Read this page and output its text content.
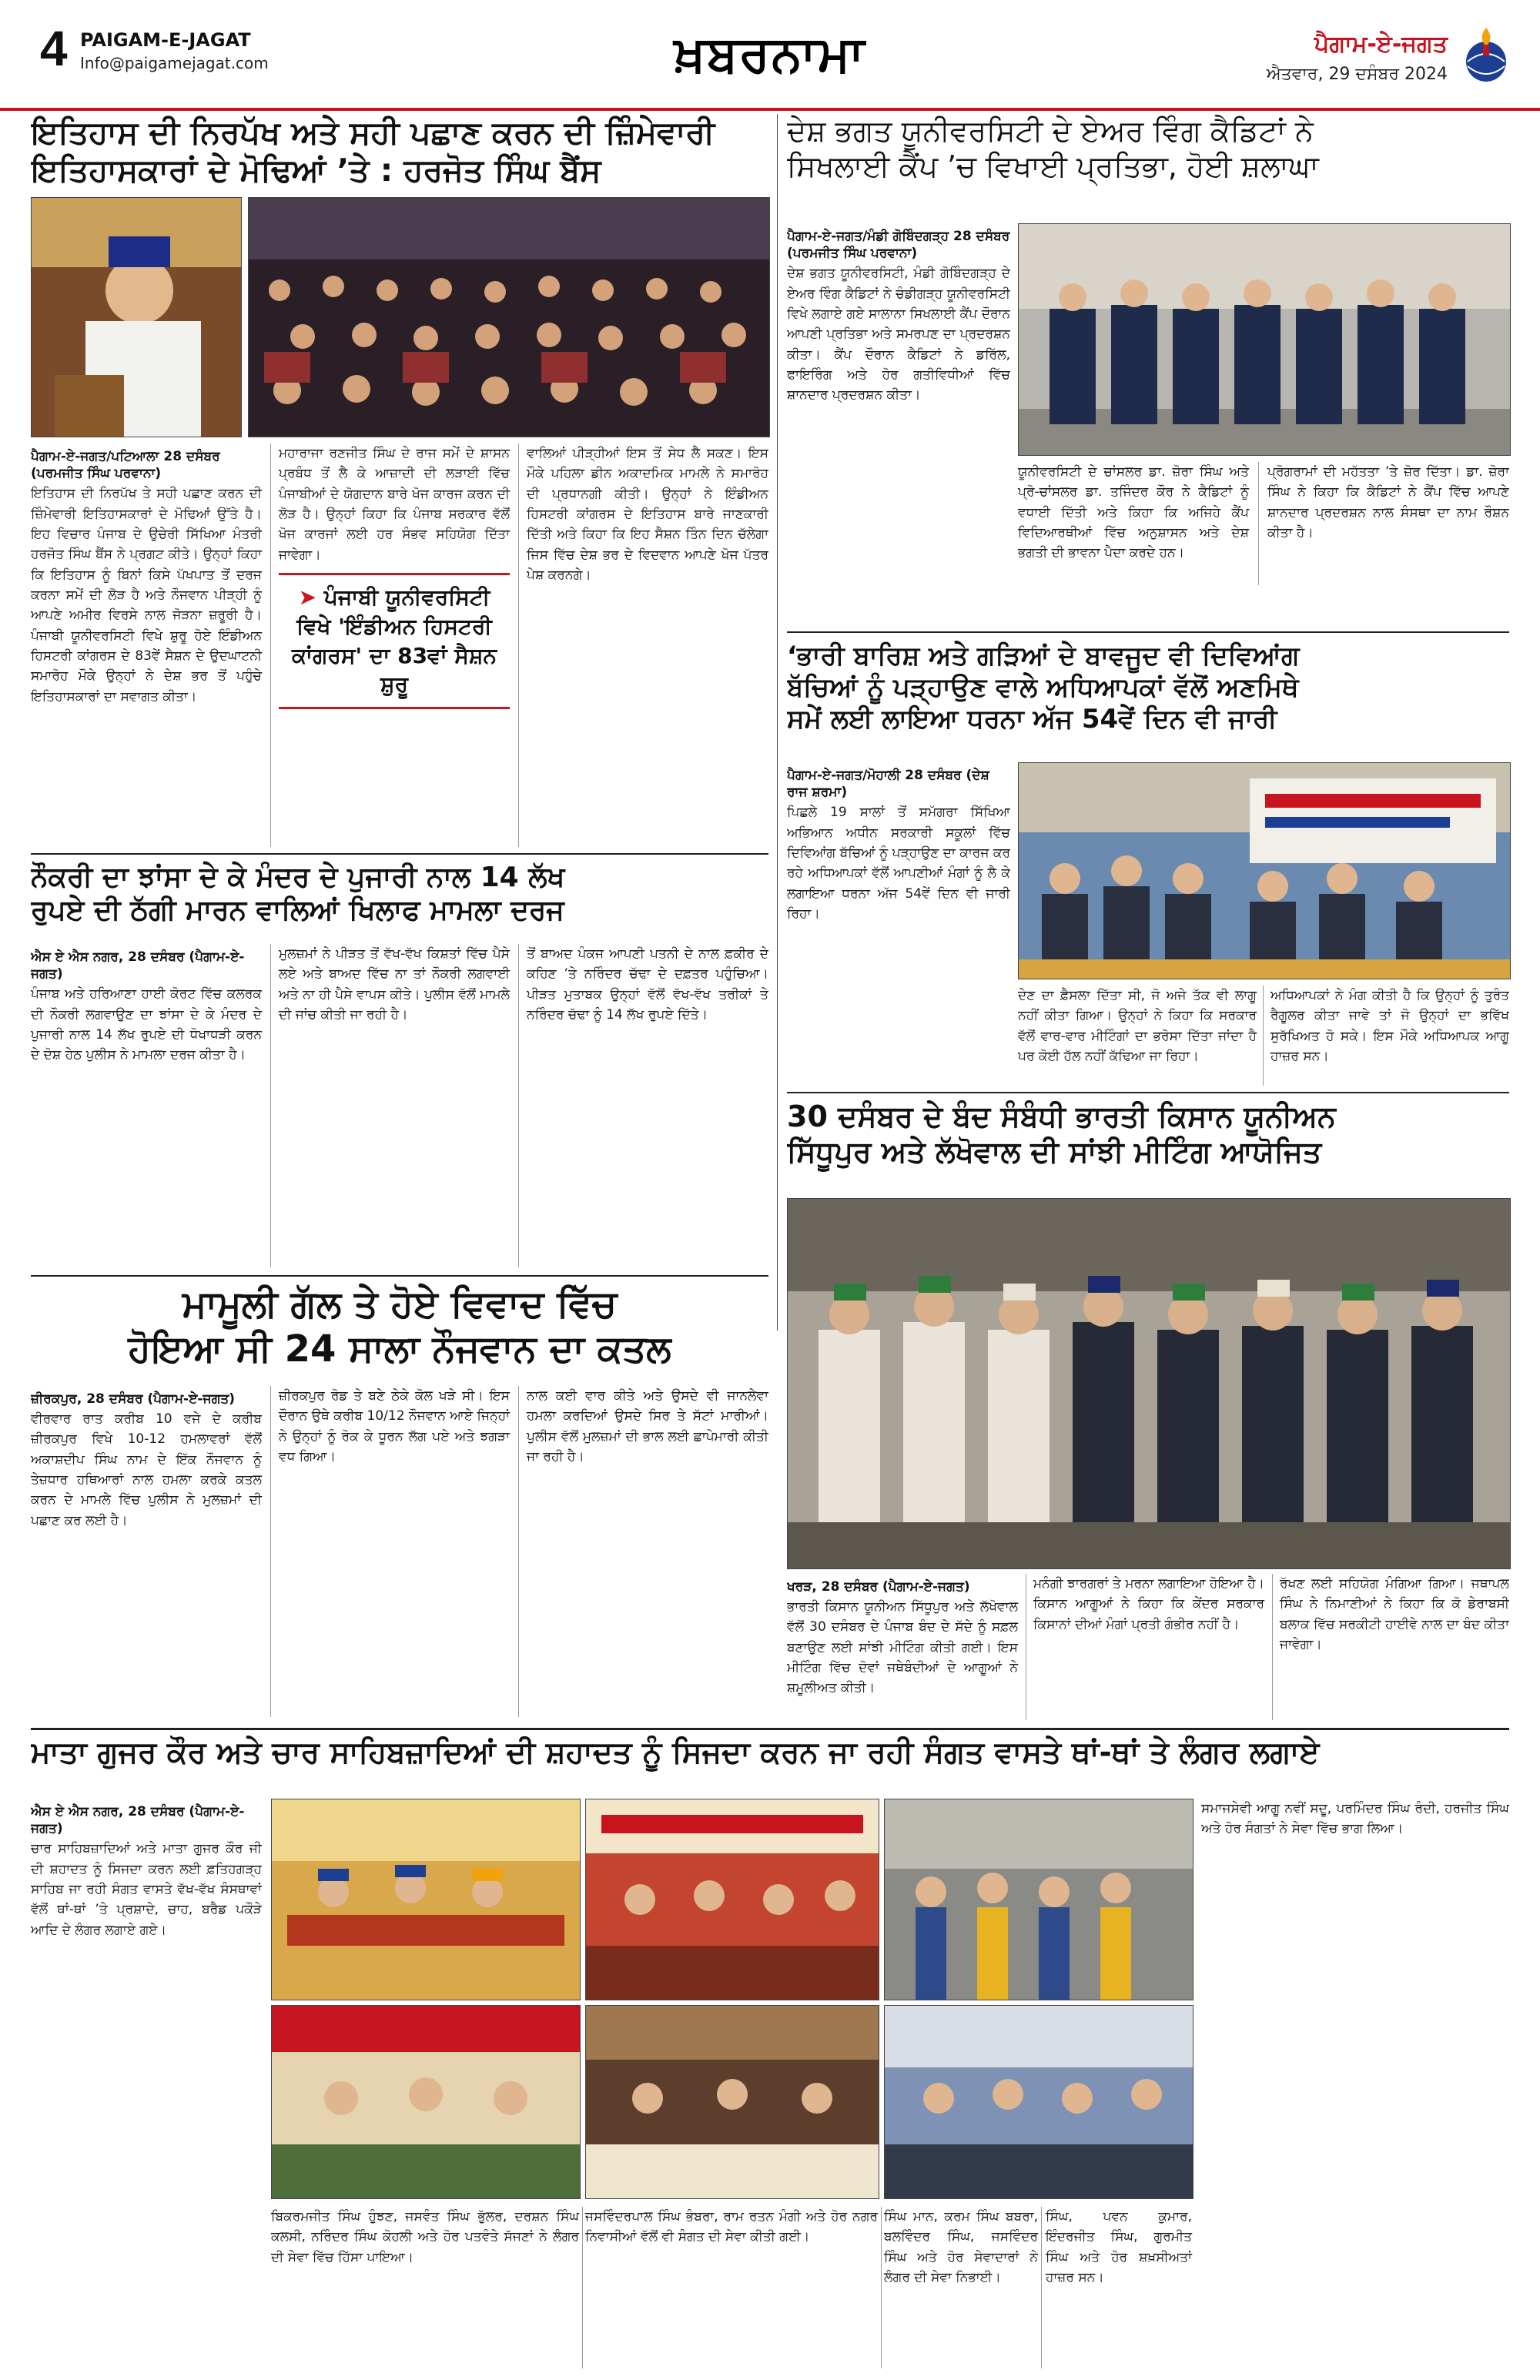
4 PAIGAM-E-JAGAT
Info@paigamejagat.com	ਖ਼ਬਰਨਾਮਾ	ਪੈਗਾਮ-ਏ-ਜਗਤ
ਐਤਵਾਰ, 29 ਦਸੰਬਰ 2024
ਇਤਿਹਾਸ ਦੀ ਨਿਰਪੱਖ ਅਤੇ ਸਹੀ ਪਛਾਣ ਕਰਨ ਦੀ ਜ਼ਿੰਮੇਵਾਰੀ
ਇਤਿਹਾਸਕਾਰਾਂ ਦੇ ਮੋਢਿਆਂ ’ਤੇ : ਹਰਜੋਤ ਸਿੰਘ ਬੈਂਸ
ਪੈਗਾਮ-ਏ-ਜਗਤ/ਪਟਿਆਲਾ 28 ਦਸੰਬਰ (ਪਰਮਜੀਤ ਸਿੰਘ ਪਰਵਾਨਾ)
ਇਤਿਹਾਸ ਦੀ ਨਿਰਪੱਖ ਤੇ ਸਹੀ ਪਛਾਣ ਕਰਨ ਦੀ ਜ਼ਿੰਮੇਵਾਰੀ ਇਤਿਹਾਸਕਾਰਾਂ ਦੇ ਮੋਢਿਆਂ ਉੱਤੇ ਹੈ। ਇਹ ਵਿਚਾਰ ਪੰਜਾਬ ਦੇ ਉਚੇਰੀ ਸਿੱਖਿਆ ਮੰਤਰੀ ਹਰਜੋਤ ਸਿੰਘ ਬੈਂਸ ਨੇ ਪ੍ਰਗਟ ਕੀਤੇ। ਉਨ੍ਹਾਂ ਕਿਹਾ ਕਿ ਇਤਿਹਾਸ ਨੂੰ ਬਿਨਾਂ ਕਿਸੇ ਪੱਖਪਾਤ ਤੋਂ ਦਰਜ ਕਰਨਾ ਸਮੇਂ ਦੀ ਲੋੜ ਹੈ ਅਤੇ ਨੌਜਵਾਨ ਪੀੜ੍ਹੀ ਨੂੰ ਆਪਣੇ ਅਮੀਰ ਵਿਰਸੇ ਨਾਲ ਜੋੜਨਾ ਜ਼ਰੂਰੀ ਹੈ। ਪੰਜਾਬੀ ਯੂਨੀਵਰਸਿਟੀ ਵਿਖੇ ਸ਼ੁਰੂ ਹੋਏ ਇੰਡੀਅਨ ਹਿਸਟਰੀ ਕਾਂਗਰਸ ਦੇ 83ਵੇਂ ਸੈਸ਼ਨ ਦੇ ਉਦਘਾਟਨੀ ਸਮਾਰੋਹ ਮੌਕੇ ਉਨ੍ਹਾਂ ਨੇ ਦੇਸ਼ ਭਰ ਤੋਂ ਪਹੁੰਚੇ ਇਤਿਹਾਸਕਾਰਾਂ ਦਾ ਸਵਾਗਤ ਕੀਤਾ।
ਮਹਾਰਾਜਾ ਰਣਜੀਤ ਸਿੰਘ ਦੇ ਰਾਜ ਸਮੇਂ ਦੇ ਸ਼ਾਸਨ ਪ੍ਰਬੰਧ ਤੋਂ ਲੈ ਕੇ ਆਜ਼ਾਦੀ ਦੀ ਲੜਾਈ ਵਿੱਚ ਪੰਜਾਬੀਆਂ ਦੇ ਯੋਗਦਾਨ ਬਾਰੇ ਖੋਜ ਕਾਰਜ ਕਰਨ ਦੀ ਲੋੜ ਹੈ। ਉਨ੍ਹਾਂ ਕਿਹਾ ਕਿ ਪੰਜਾਬ ਸਰਕਾਰ ਵੱਲੋਂ ਖੋਜ ਕਾਰਜਾਂ ਲਈ ਹਰ ਸੰਭਵ ਸਹਿਯੋਗ ਦਿੱਤਾ ਜਾਵੇਗਾ।
➤ ਪੰਜਾਬੀ ਯੂਨੀਵਰਸਿਟੀ ਵਿਖੇ 'ਇੰਡੀਅਨ ਹਿਸਟਰੀ ਕਾਂਗਰਸ' ਦਾ 83ਵਾਂ ਸੈਸ਼ਨ ਸ਼ੁਰੂ
ਵਾਲਿਆਂ ਪੀੜ੍ਹੀਆਂ ਇਸ ਤੋਂ ਸੇਧ ਲੈ ਸਕਣ। ਇਸ ਮੌਕੇ ਪਹਿਲਾ ਡੀਨ ਅਕਾਦਮਿਕ ਮਾਮਲੇ ਨੇ ਸਮਾਰੋਹ ਦੀ ਪ੍ਰਧਾਨਗੀ ਕੀਤੀ। ਉਨ੍ਹਾਂ ਨੇ ਇੰਡੀਅਨ ਹਿਸਟਰੀ ਕਾਂਗਰਸ ਦੇ ਇਤਿਹਾਸ ਬਾਰੇ ਜਾਣਕਾਰੀ ਦਿੱਤੀ ਅਤੇ ਕਿਹਾ ਕਿ ਇਹ ਸੈਸ਼ਨ ਤਿੰਨ ਦਿਨ ਚੱਲੇਗਾ ਜਿਸ ਵਿੱਚ ਦੇਸ਼ ਭਰ ਦੇ ਵਿਦਵਾਨ ਆਪਣੇ ਖੋਜ ਪੱਤਰ ਪੇਸ਼ ਕਰਨਗੇ।
ਦੇਸ਼ ਭਗਤ ਯੂਨੀਵਰਸਿਟੀ ਦੇ ਏਅਰ ਵਿੰਗ ਕੈਡਿਟਾਂ ਨੇ
ਸਿਖਲਾਈ ਕੈਂਪ ’ਚ ਵਿਖਾਈ ਪ੍ਰਤਿਭਾ, ਹੋਈ ਸ਼ਲਾਘਾ
ਪੈਗਾਮ-ਏ-ਜਗਤ/ਮੰਡੀ ਗੋਬਿੰਦਗੜ੍ਹ 28 ਦਸੰਬਰ (ਪਰਮਜੀਤ ਸਿੰਘ ਪਰਵਾਨਾ)
ਦੇਸ਼ ਭਗਤ ਯੂਨੀਵਰਸਿਟੀ, ਮੰਡੀ ਗੋਬਿੰਦਗੜ੍ਹ ਦੇ ਏਅਰ ਵਿੰਗ ਕੈਡਿਟਾਂ ਨੇ ਚੰਡੀਗੜ੍ਹ ਯੂਨੀਵਰਸਿਟੀ ਵਿਖੇ ਲਗਾਏ ਗਏ ਸਾਲਾਨਾ ਸਿਖਲਾਈ ਕੈਂਪ ਦੌਰਾਨ ਆਪਣੀ ਪ੍ਰਤਿਭਾ ਅਤੇ ਸਮਰਪਣ ਦਾ ਪ੍ਰਦਰਸ਼ਨ ਕੀਤਾ। ਕੈਂਪ ਦੌਰਾਨ ਕੈਡਿਟਾਂ ਨੇ ਡਰਿੱਲ, ਫਾਇਰਿੰਗ ਅਤੇ ਹੋਰ ਗਤੀਵਿਧੀਆਂ ਵਿੱਚ ਸ਼ਾਨਦਾਰ ਪ੍ਰਦਰਸ਼ਨ ਕੀਤਾ।

ਯੂਨੀਵਰਸਿਟੀ ਦੇ ਚਾਂਸਲਰ ਡਾ. ਜ਼ੋਰਾ ਸਿੰਘ ਅਤੇ ਪ੍ਰੋ-ਚਾਂਸਲਰ ਡਾ. ਤਜਿੰਦਰ ਕੌਰ ਨੇ ਕੈਡਿਟਾਂ ਨੂੰ ਵਧਾਈ ਦਿੱਤੀ ਅਤੇ ਕਿਹਾ ਕਿ ਅਜਿਹੇ ਕੈਂਪ ਵਿਦਿਆਰਥੀਆਂ ਵਿੱਚ ਅਨੁਸ਼ਾਸਨ ਅਤੇ ਦੇਸ਼ ਭਗਤੀ ਦੀ ਭਾਵਨਾ ਪੈਦਾ ਕਰਦੇ ਹਨ।
ਪ੍ਰੋਗਰਾਮਾਂ ਦੀ ਮਹੱਤਤਾ ’ਤੇ ਜ਼ੋਰ ਦਿੱਤਾ। ਡਾ. ਜ਼ੋਰਾ ਸਿੰਘ ਨੇ ਕਿਹਾ ਕਿ ਕੈਡਿਟਾਂ ਨੇ ਕੈਂਪ ਵਿੱਚ ਆਪਣੇ ਸ਼ਾਨਦਾਰ ਪ੍ਰਦਰਸ਼ਨ ਨਾਲ ਸੰਸਥਾ ਦਾ ਨਾਮ ਰੌਸ਼ਨ ਕੀਤਾ ਹੈ।
‘ਭਾਰੀ ਬਾਰਿਸ਼ ਅਤੇ ਗੜਿਆਂ ਦੇ ਬਾਵਜੂਦ ਵੀ ਦਿਵਿਆਂਗ
ਬੱਚਿਆਂ ਨੂੰ ਪੜ੍ਹਾਉਣ ਵਾਲੇ ਅਧਿਆਪਕਾਂ ਵੱਲੋਂ ਅਣਮਿਥੇ
ਸਮੇਂ ਲਈ ਲਾਇਆ ਧਰਨਾ ਅੱਜ 54ਵੇਂ ਦਿਨ ਵੀ ਜਾਰੀ
ਪੈਗਾਮ-ਏ-ਜਗਤ/ਮੋਹਾਲੀ 28 ਦਸੰਬਰ (ਦੇਸ਼ ਰਾਜ ਸ਼ਰਮਾ)
ਪਿਛਲੇ 19 ਸਾਲਾਂ ਤੋਂ ਸਮੱਗਰਾ ਸਿੱਖਿਆ ਅਭਿਆਨ ਅਧੀਨ ਸਰਕਾਰੀ ਸਕੂਲਾਂ ਵਿੱਚ ਦਿਵਿਆਂਗ ਬੱਚਿਆਂ ਨੂੰ ਪੜ੍ਹਾਉਣ ਦਾ ਕਾਰਜ ਕਰ ਰਹੇ ਅਧਿਆਪਕਾਂ ਵੱਲੋਂ ਆਪਣੀਆਂ ਮੰਗਾਂ ਨੂੰ ਲੈ ਕੇ ਲਗਾਇਆ ਧਰਨਾ ਅੱਜ 54ਵੇਂ ਦਿਨ ਵੀ ਜਾਰੀ ਰਿਹਾ।
ਦੇਣ ਦਾ ਫ਼ੈਸਲਾ ਦਿੱਤਾ ਸੀ, ਜੋ ਅਜੇ ਤੱਕ ਵੀ ਲਾਗੂ ਨਹੀਂ ਕੀਤਾ ਗਿਆ। ਉਨ੍ਹਾਂ ਨੇ ਕਿਹਾ ਕਿ ਸਰਕਾਰ ਵੱਲੋਂ ਵਾਰ-ਵਾਰ ਮੀਟਿੰਗਾਂ ਦਾ ਭਰੋਸਾ ਦਿੱਤਾ ਜਾਂਦਾ ਹੈ ਪਰ ਕੋਈ ਹੱਲ ਨਹੀਂ ਕੱਢਿਆ ਜਾ ਰਿਹਾ।
ਅਧਿਆਪਕਾਂ ਨੇ ਮੰਗ ਕੀਤੀ ਹੈ ਕਿ ਉਨ੍ਹਾਂ ਨੂੰ ਤੁਰੰਤ ਰੈਗੂਲਰ ਕੀਤਾ ਜਾਵੇ ਤਾਂ ਜੋ ਉਨ੍ਹਾਂ ਦਾ ਭਵਿੱਖ ਸੁਰੱਖਿਅਤ ਹੋ ਸਕੇ। ਇਸ ਮੌਕੇ ਅਧਿਆਪਕ ਆਗੂ ਹਾਜ਼ਰ ਸਨ।
ਨੌਕਰੀ ਦਾ ਝਾਂਸਾ ਦੇ ਕੇ ਮੰਦਰ ਦੇ ਪੁਜਾਰੀ ਨਾਲ 14 ਲੱਖ
ਰੁਪਏ ਦੀ ਠੱਗੀ ਮਾਰਨ ਵਾਲਿਆਂ ਖਿਲਾਫ ਮਾਮਲਾ ਦਰਜ
ਐਸ ਏ ਐਸ ਨਗਰ, 28 ਦਸੰਬਰ (ਪੈਗਾਮ-ਏ-ਜਗਤ)
ਪੰਜਾਬ ਅਤੇ ਹਰਿਆਣਾ ਹਾਈ ਕੋਰਟ ਵਿੱਚ ਕਲਰਕ ਦੀ ਨੌਕਰੀ ਲਗਵਾਉਣ ਦਾ ਝਾਂਸਾ ਦੇ ਕੇ ਮੰਦਰ ਦੇ ਪੁਜਾਰੀ ਨਾਲ 14 ਲੱਖ ਰੁਪਏ ਦੀ ਧੋਖਾਧੜੀ ਕਰਨ ਦੇ ਦੋਸ਼ ਹੇਠ ਪੁਲੀਸ ਨੇ ਮਾਮਲਾ ਦਰਜ ਕੀਤਾ ਹੈ।
ਮੁਲਜ਼ਮਾਂ ਨੇ ਪੀੜਤ ਤੋਂ ਵੱਖ-ਵੱਖ ਕਿਸ਼ਤਾਂ ਵਿੱਚ ਪੈਸੇ ਲਏ ਅਤੇ ਬਾਅਦ ਵਿੱਚ ਨਾ ਤਾਂ ਨੌਕਰੀ ਲਗਵਾਈ ਅਤੇ ਨਾ ਹੀ ਪੈਸੇ ਵਾਪਸ ਕੀਤੇ। ਪੁਲੀਸ ਵੱਲੋਂ ਮਾਮਲੇ ਦੀ ਜਾਂਚ ਕੀਤੀ ਜਾ ਰਹੀ ਹੈ।
ਤੋਂ ਬਾਅਦ ਪੰਕਜ ਆਪਣੀ ਪਤਨੀ ਦੇ ਨਾਲ ਫ਼ਕੀਰ ਦੇ ਕਹਿਣ ’ਤੇ ਨਰਿੰਦਰ ਚੱਢਾ ਦੇ ਦਫ਼ਤਰ ਪਹੁੰਚਿਆ। ਪੀੜਤ ਮੁਤਾਬਕ ਉਨ੍ਹਾਂ ਵੱਲੋਂ ਵੱਖ-ਵੱਖ ਤਰੀਕਾਂ ਤੇ ਨਰਿੰਦਰ ਚੱਢਾ ਨੂੰ 14 ਲੱਖ ਰੁਪਏ ਦਿੱਤੇ।
ਮਾਮੂਲੀ ਗੱਲ ਤੇ ਹੋਏ ਵਿਵਾਦ ਵਿੱਚ
ਹੋਇਆ ਸੀ 24 ਸਾਲਾ ਨੌਜਵਾਨ ਦਾ ਕਤਲ
ਜ਼ੀਰਕਪੁਰ, 28 ਦਸੰਬਰ (ਪੈਗਾਮ-ਏ-ਜਗਤ)
ਵੀਰਵਾਰ ਰਾਤ ਕਰੀਬ 10 ਵਜੇ ਦੇ ਕਰੀਬ ਜ਼ੀਰਕਪੁਰ ਵਿਖੇ 10-12 ਹਮਲਾਵਰਾਂ ਵੱਲੋਂ ਅਕਾਸ਼ਦੀਪ ਸਿੰਘ ਨਾਮ ਦੇ ਇੱਕ ਨੌਜਵਾਨ ਨੂੰ ਤੇਜ਼ਧਾਰ ਹਥਿਆਰਾਂ ਨਾਲ ਹਮਲਾ ਕਰਕੇ ਕਤਲ ਕਰਨ ਦੇ ਮਾਮਲੇ ਵਿੱਚ ਪੁਲੀਸ ਨੇ ਮੁਲਜ਼ਮਾਂ ਦੀ ਪਛਾਣ ਕਰ ਲਈ ਹੈ।
ਜ਼ੀਰਕਪੁਰ ਰੋਡ ਤੇ ਬਣੇ ਠੇਕੇ ਕੋਲ ਖੜੇ ਸੀ। ਇਸ ਦੌਰਾਨ ਉਥੇ ਕਰੀਬ 10/12 ਨੌਜਵਾਨ ਆਏ ਜਿਨ੍ਹਾਂ ਨੇ ਉਨ੍ਹਾਂ ਨੂੰ ਰੋਕ ਕੇ ਧੂਰਨ ਲੱਗ ਪਏ ਅਤੇ ਝਗੜਾ ਵਧ ਗਿਆ।
ਨਾਲ ਕਈ ਵਾਰ ਕੀਤੇ ਅਤੇ ਉਸਦੇ ਵੀ ਜਾਨਲੇਵਾ ਹਮਲਾ ਕਰਦਿਆਂ ਉਸਦੇ ਸਿਰ ਤੇ ਸੱਟਾਂ ਮਾਰੀਆਂ। ਪੁਲੀਸ ਵੱਲੋਂ ਮੁਲਜ਼ਮਾਂ ਦੀ ਭਾਲ ਲਈ ਛਾਪੇਮਾਰੀ ਕੀਤੀ ਜਾ ਰਹੀ ਹੈ।
30 ਦਸੰਬਰ ਦੇ ਬੰਦ ਸੰਬੰਧੀ ਭਾਰਤੀ ਕਿਸਾਨ ਯੂਨੀਅਨ
ਸਿੱਧੂਪੁਰ ਅਤੇ ਲੱਖੋਵਾਲ ਦੀ ਸਾਂਝੀ ਮੀਟਿੰਗ ਆਯੋਜਿਤ
ਖਰੜ, 28 ਦਸੰਬਰ (ਪੈਗਾਮ-ਏ-ਜਗਤ)
ਭਾਰਤੀ ਕਿਸਾਨ ਯੂਨੀਅਨ ਸਿੱਧੂਪੁਰ ਅਤੇ ਲੱਖੋਵਾਲ ਵੱਲੋਂ 30 ਦਸੰਬਰ ਦੇ ਪੰਜਾਬ ਬੰਦ ਦੇ ਸੱਦੇ ਨੂੰ ਸਫ਼ਲ ਬਣਾਉਣ ਲਈ ਸਾਂਝੀ ਮੀਟਿੰਗ ਕੀਤੀ ਗਈ। ਇਸ ਮੀਟਿੰਗ ਵਿੱਚ ਦੋਵਾਂ ਜਥੇਬੰਦੀਆਂ ਦੇ ਆਗੂਆਂ ਨੇ ਸ਼ਮੂਲੀਅਤ ਕੀਤੀ।
ਮਨੰਗੀ ਝਾਰਗਰਾਂ ਤੇ ਮਰਨਾ ਲਗਾਇਆ ਹੋਇਆ ਹੈ। ਕਿਸਾਨ ਆਗੂਆਂ ਨੇ ਕਿਹਾ ਕਿ ਕੇਂਦਰ ਸਰਕਾਰ ਕਿਸਾਨਾਂ ਦੀਆਂ ਮੰਗਾਂ ਪ੍ਰਤੀ ਗੰਭੀਰ ਨਹੀਂ ਹੈ।
ਰੱਖਣ ਲਈ ਸਹਿਯੋਗ ਮੰਗਿਆ ਗਿਆ। ਜਥਾਪਲ ਸਿੰਘ ਨੇ ਨਿਮਾਣੀਆਂ ਨੇ ਕਿਹਾ ਕਿ ਕੋ ਡੇਰਾਬਸੀ ਬਲਾਕ ਵਿੱਚ ਸਰਕੀਟੀ ਹਾਈਵੇ ਨਾਲ ਦਾ ਬੰਦ ਕੀਤਾ ਜਾਵੇਗਾ।
ਮਾਤਾ ਗੁਜਰ ਕੌਰ ਅਤੇ ਚਾਰ ਸਾਹਿਬਜ਼ਾਦਿਆਂ ਦੀ ਸ਼ਹਾਦਤ ਨੂੰ ਸਿਜਦਾ ਕਰਨ ਜਾ ਰਹੀ ਸੰਗਤ ਵਾਸਤੇ ਥਾਂ-ਥਾਂ ਤੇ ਲੰਗਰ ਲਗਾਏ
ਐਸ ਏ ਐਸ ਨਗਰ, 28 ਦਸੰਬਰ (ਪੈਗਾਮ-ਏ-ਜਗਤ)
ਚਾਰ ਸਾਹਿਬਜ਼ਾਦਿਆਂ ਅਤੇ ਮਾਤਾ ਗੁਜਰ ਕੌਰ ਜੀ ਦੀ ਸ਼ਹਾਦਤ ਨੂੰ ਸਿਜਦਾ ਕਰਨ ਲਈ ਫ਼ਤਿਹਗੜ੍ਹ ਸਾਹਿਬ ਜਾ ਰਹੀ ਸੰਗਤ ਵਾਸਤੇ ਵੱਖ-ਵੱਖ ਸੰਸਥਾਵਾਂ ਵੱਲੋਂ ਥਾਂ-ਥਾਂ ’ਤੇ ਪ੍ਰਸ਼ਾਦੇ, ਚਾਹ, ਬਰੈਡ ਪਕੌੜੇ ਆਦਿ ਦੇ ਲੰਗਰ ਲਗਾਏ ਗਏ।
ਸਮਾਜਸੇਵੀ ਆਗੂ ਨਵੀਂ ਸਦੂ, ਪਰਮਿੰਦਰ ਸਿੰਘ ਰੰਦੀ, ਹਰਜੀਤ ਸਿੰਘ ਅਤੇ ਹੋਰ ਸੰਗਤਾਂ ਨੇ ਸੇਵਾ ਵਿੱਚ ਭਾਗ ਲਿਆ।

ਬਿਕਰਮਜੀਤ ਸਿੰਘ ਹੁੰਝਣ, ਜਸਵੰਤ ਸਿੰਘ ਭੁੱਲਰ, ਦਰਸ਼ਨ ਸਿੰਘ ਕਲਸੀ, ਨਰਿੰਦਰ ਸਿੰਘ ਕੋਹਲੀ ਅਤੇ ਹੋਰ ਪਤਵੰਤੇ ਸੱਜਣਾਂ ਨੇ ਲੰਗਰ ਦੀ ਸੇਵਾ ਵਿੱਚ ਹਿੱਸਾ ਪਾਇਆ।
ਜਸਵਿੰਦਰਪਾਲ ਸਿੰਘ ਭੰਬਰਾ, ਰਾਮ ਰਤਨ ਮੰਗੀ ਅਤੇ ਹੋਰ ਨਗਰ ਨਿਵਾਸੀਆਂ ਵੱਲੋਂ ਵੀ ਸੰਗਤ ਦੀ ਸੇਵਾ ਕੀਤੀ ਗਈ।
ਸਿੰਘ ਮਾਨ, ਕਰਮ ਸਿੰਘ ਬਬਰਾ, ਬਲਵਿੰਦਰ ਸਿੰਘ, ਜਸਵਿੰਦਰ ਸਿੰਘ ਅਤੇ ਹੋਰ ਸੇਵਾਦਾਰਾਂ ਨੇ ਲੰਗਰ ਦੀ ਸੇਵਾ ਨਿਭਾਈ।
ਸਿੰਘ, ਪਵਨ ਕੁਮਾਰ, ਇੰਦਰਜੀਤ ਸਿੰਘ, ਗੁਰਮੀਤ ਸਿੰਘ ਅਤੇ ਹੋਰ ਸ਼ਖ਼ਸੀਅਤਾਂ ਹਾਜ਼ਰ ਸਨ।
